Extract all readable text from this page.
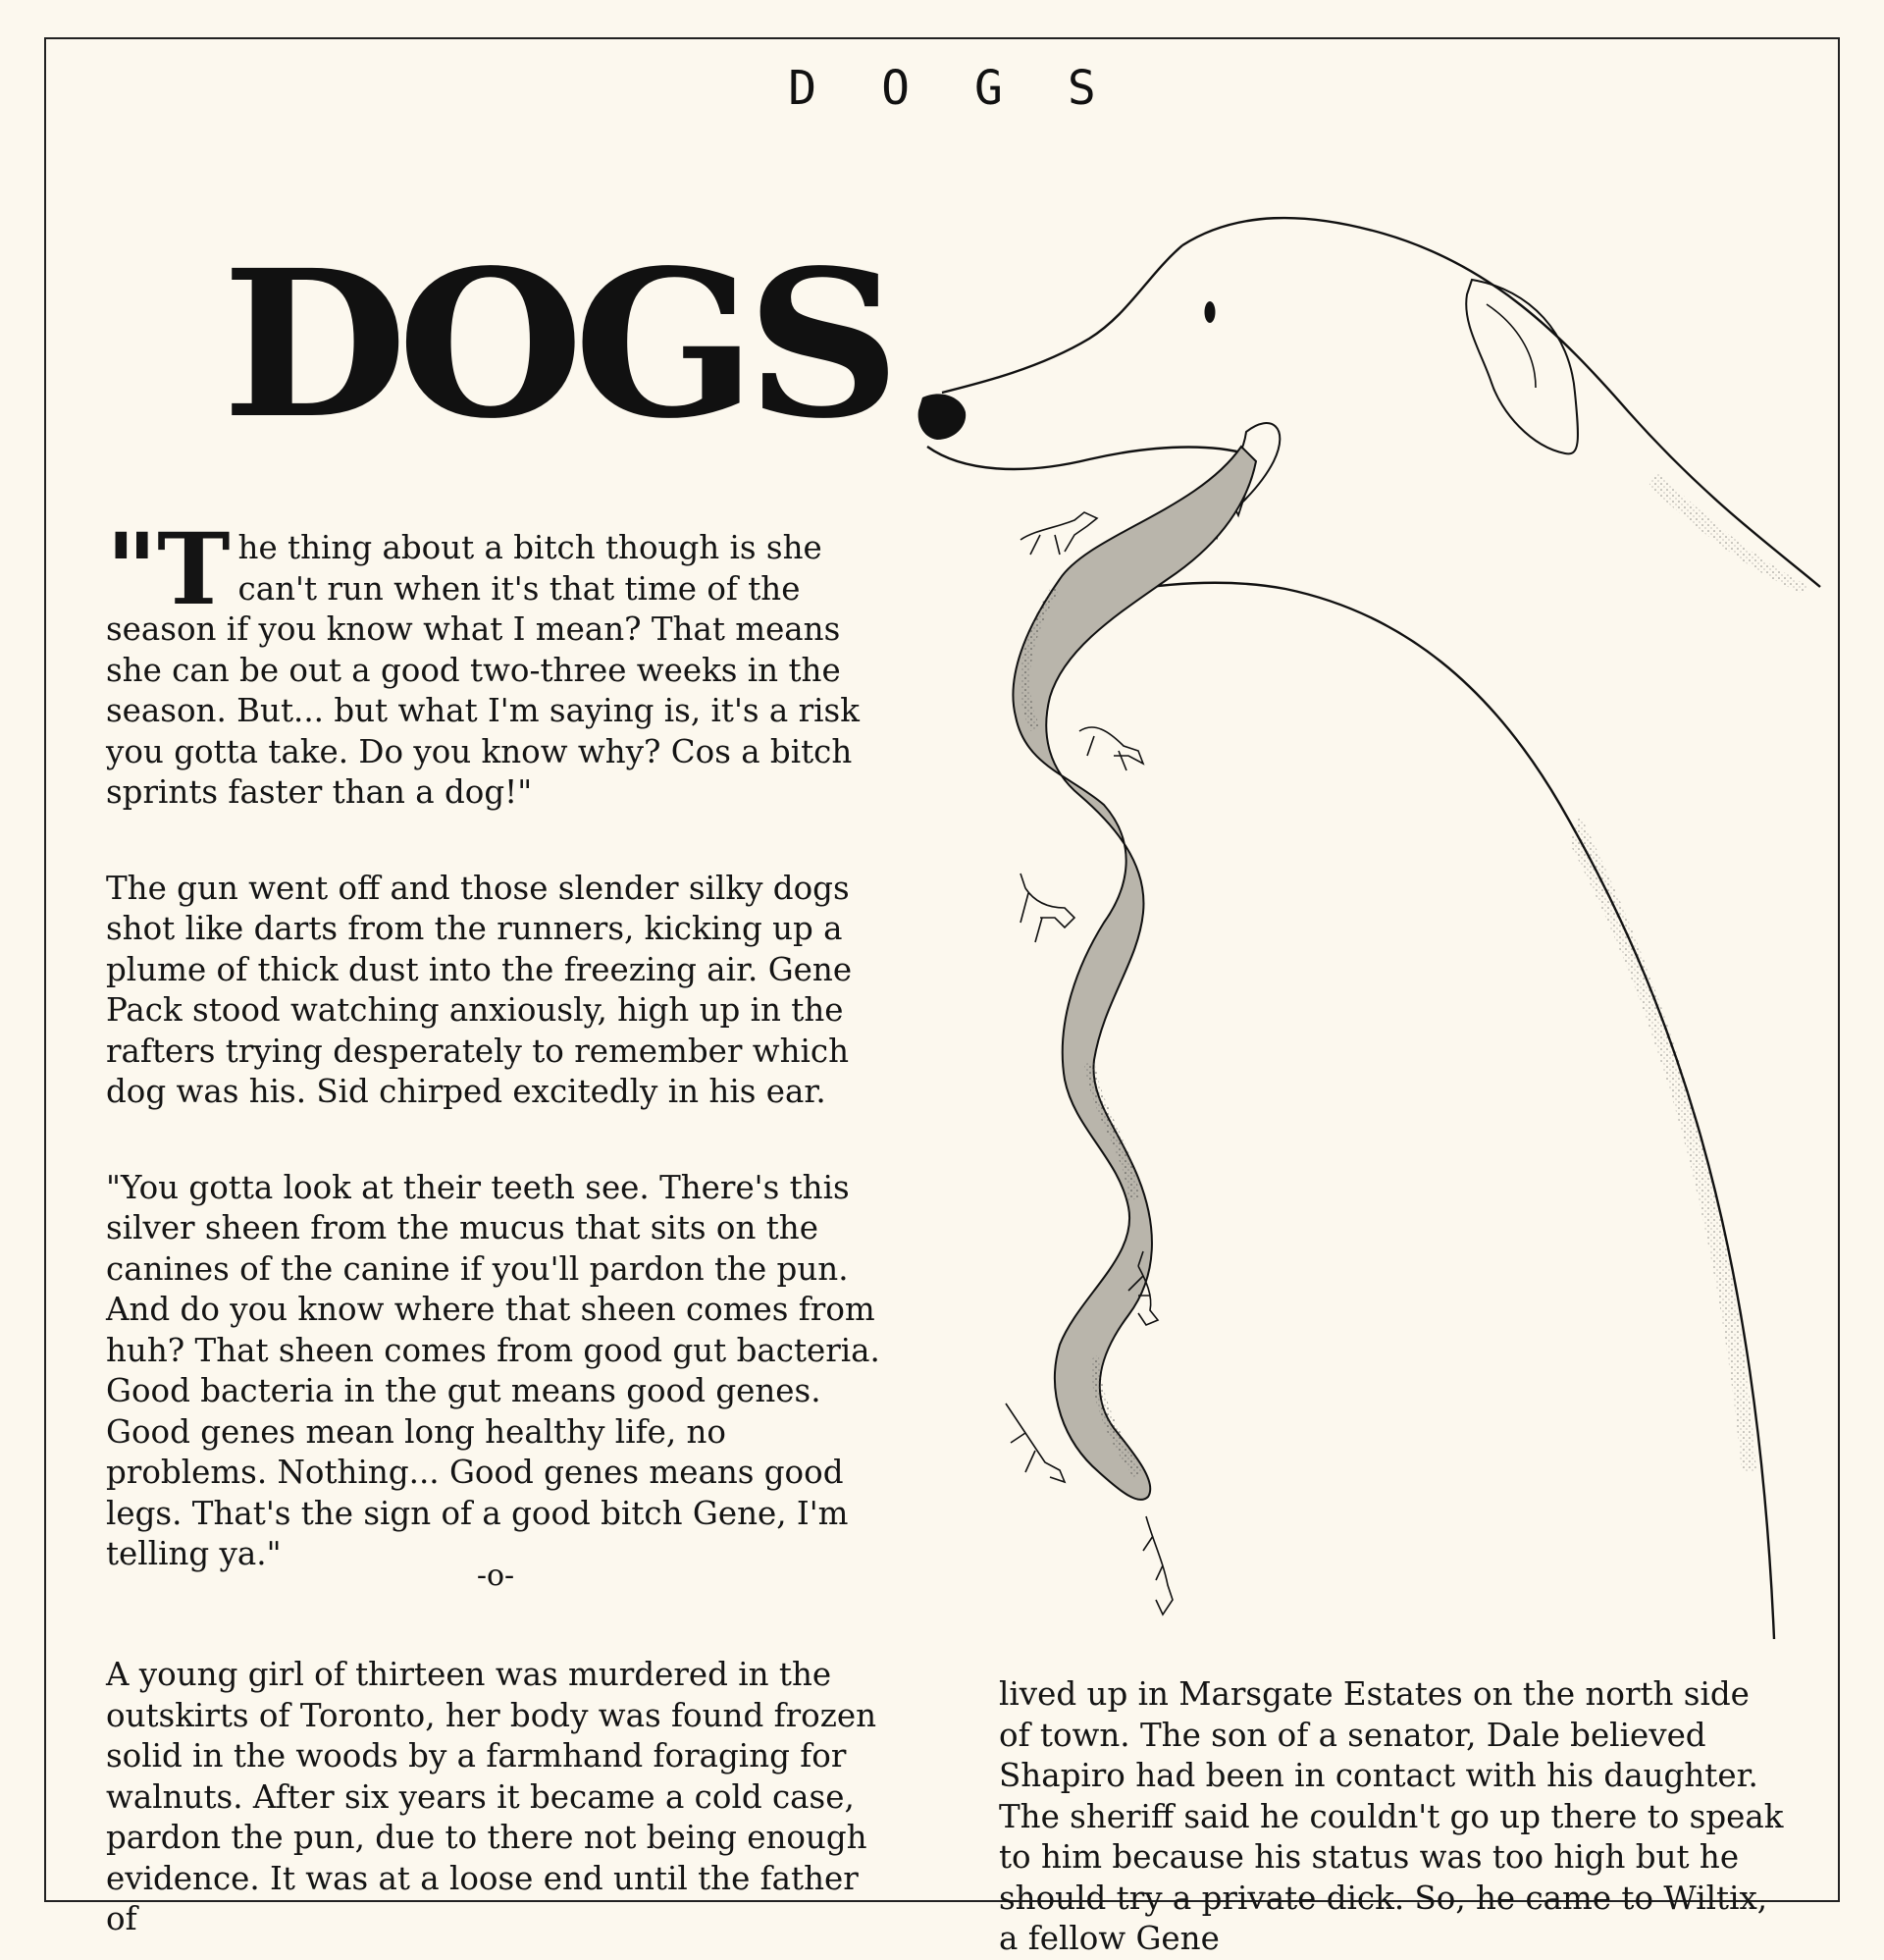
DOGS
DOGS

"The thing about a bitch though is she can't run when it's that time of the season if you know what I mean? That means she can be out a good two-three weeks in the season. But... but what I'm saying is, it's a risk you gotta take. Do you know why? Cos a bitch sprints faster than a dog!"

The gun went off and those slender silky dogs shot like darts from the runners, kicking up a plume of thick dust into the freezing air. Gene Pack stood watching anxiously, high up in the rafters trying desperately to remember which dog was his. Sid chirped excitedly in his ear.

"You gotta look at their teeth see. There's this silver sheen from the mucus that sits on the canines of the canine if you'll pardon the pun. And do you know where that sheen comes from huh? That sheen comes from good gut bacteria. Good bacteria in the gut means good genes. Good genes mean long healthy life, no problems. Nothing... Good genes means good legs. That's the sign of a good bitch Gene, I'm telling ya."

-o-

A young girl of thirteen was murdered in the outskirts of Toronto, her body was found frozen solid in the woods by a farmhand foraging for walnuts. After six years it became a cold case, pardon the pun, due to there not being enough evidence. It was at a loose end until the father of

lived up in Marsgate Estates on the north side of town. The son of a senator, Dale believed Shapiro had been in contact with his daughter. The sheriff said he couldn't go up there to speak to him because his status was too high but he should try a private dick. So, he came to Wiltix, a fellow Gene
